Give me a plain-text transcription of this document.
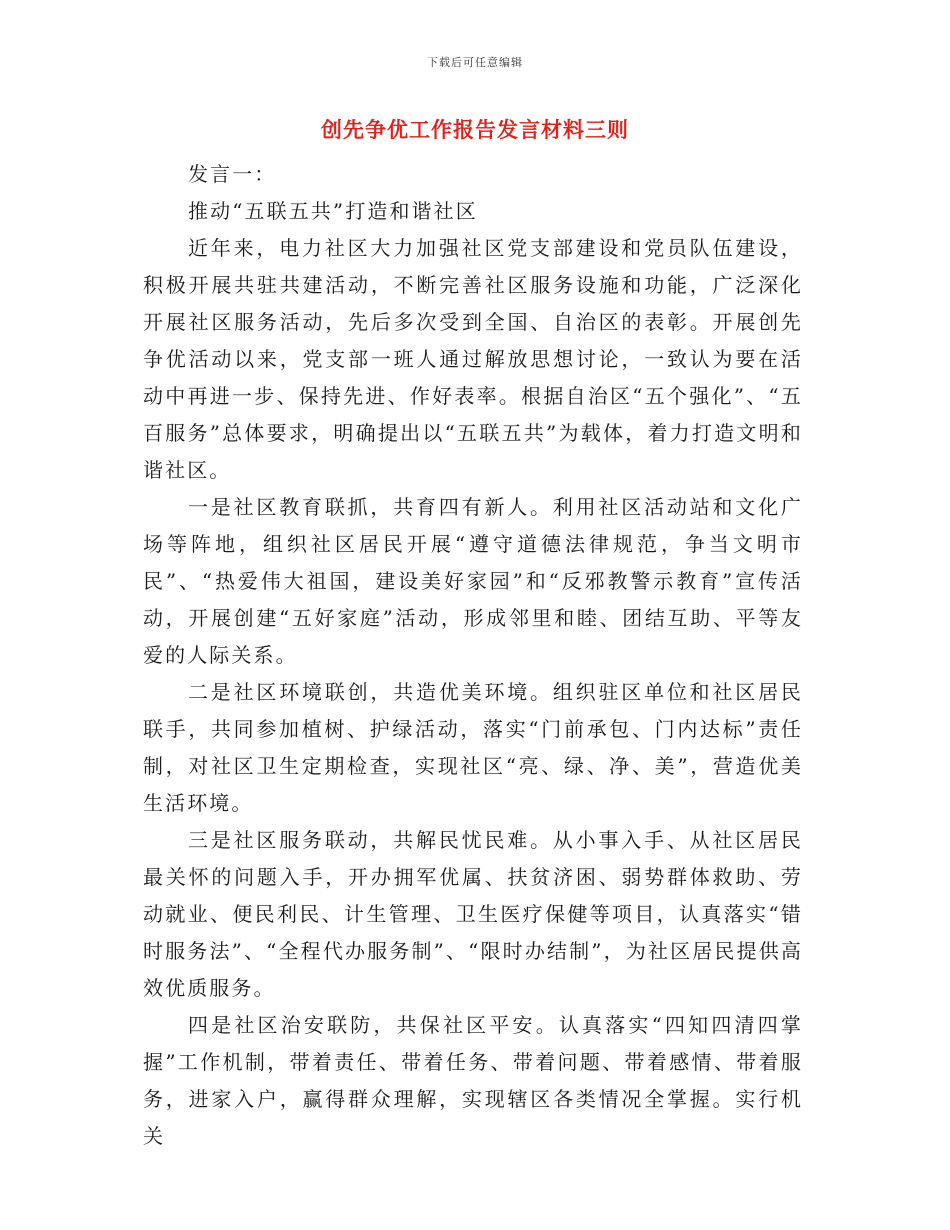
下载后可任意编辑
创先争优工作报告发言材料三则

发言一：

推动“五联五共”打造和谐社区

近年来，电力社区大力加强社区党支部建设和党员队伍建设，积极开展共驻共建活动，不断完善社区服务设施和功能，广泛深化开展社区服务活动，先后多次受到全国、自治区的表彰。开展创先争优活动以来，党支部一班人通过解放思想讨论，一致认为要在活动中再进一步、保持先进、作好表率。根据自治区“五个强化”、“五百服务”总体要求，明确提出以“五联五共”为载体，着力打造文明和谐社区。

一是社区教育联抓，共育四有新人。利用社区活动站和文化广场等阵地，组织社区居民开展“遵守道德法律规范，争当文明市民”、“热爱伟大祖国，建设美好家园”和“反邪教警示教育”宣传活动，开展创建“五好家庭”活动，形成邻里和睦、团结互助、平等友爱的人际关系。

二是社区环境联创，共造优美环境。组织驻区单位和社区居民联手，共同参加植树、护绿活动，落实“门前承包、门内达标”责任制，对社区卫生定期检查，实现社区“亮、绿、净、美”，营造优美生活环境。

三是社区服务联动，共解民忧民难。从小事入手、从社区居民最关怀的问题入手，开办拥军优属、扶贫济困、弱势群体救助、劳动就业、便民利民、计生管理、卫生医疗保健等项目，认真落实“错时服务法”、“全程代办服务制”、“限时办结制”，为社区居民提供高效优质服务。

四是社区治安联防，共保社区平安。认真落实“四知四清四掌握”工作机制，带着责任、带着任务、带着问题、带着感情、带着服务，进家入户，赢得群众理解，实现辖区各类情况全掌握。实行机关
